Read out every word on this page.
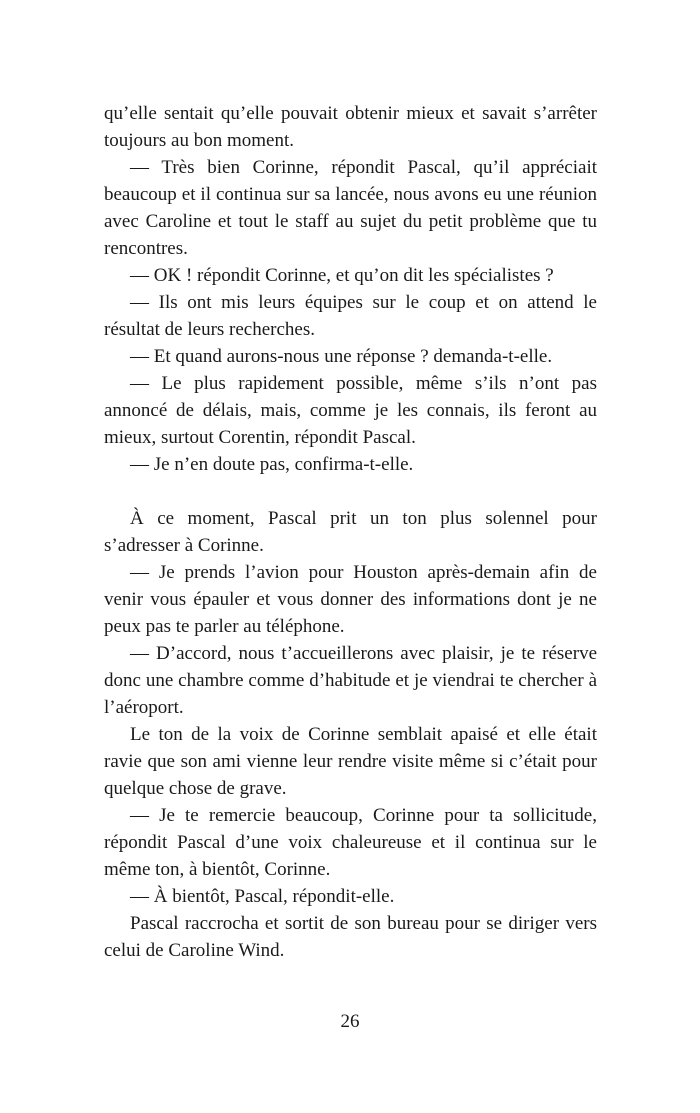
qu’elle sentait qu’elle pouvait obtenir mieux et savait s’arrêter toujours au bon moment.

— Très bien Corinne, répondit Pascal, qu’il appréciait beaucoup et il continua sur sa lancée, nous avons eu une réunion avec Caroline et tout le staff au sujet du petit problème que tu rencontres.

— OK ! répondit Corinne, et qu’on dit les spécialistes ?

— Ils ont mis leurs équipes sur le coup et on attend le résultat de leurs recherches.

— Et quand aurons-nous une réponse ? demanda-t-elle.

— Le plus rapidement possible, même s’ils n’ont pas annoncé de délais, mais, comme je les connais, ils feront au mieux, surtout Corentin, répondit Pascal.

— Je n’en doute pas, confirma-t-elle.

À ce moment, Pascal prit un ton plus solennel pour s’adresser à Corinne.

— Je prends l’avion pour Houston après-demain afin de venir vous épauler et vous donner des informations dont je ne peux pas te parler au téléphone.

— D’accord, nous t’accueillerons avec plaisir, je te réserve donc une chambre comme d’habitude et je viendrai te chercher à l’aéroport.

Le ton de la voix de Corinne semblait apaisé et elle était ravie que son ami vienne leur rendre visite même si c’était pour quelque chose de grave.

— Je te remercie beaucoup, Corinne pour ta sollicitude, répondit Pascal d’une voix chaleureuse et il continua sur le même ton, à bientôt, Corinne.

— À bientôt, Pascal, répondit-elle.

Pascal raccrocha et sortit de son bureau pour se diriger vers celui de Caroline Wind.

26
